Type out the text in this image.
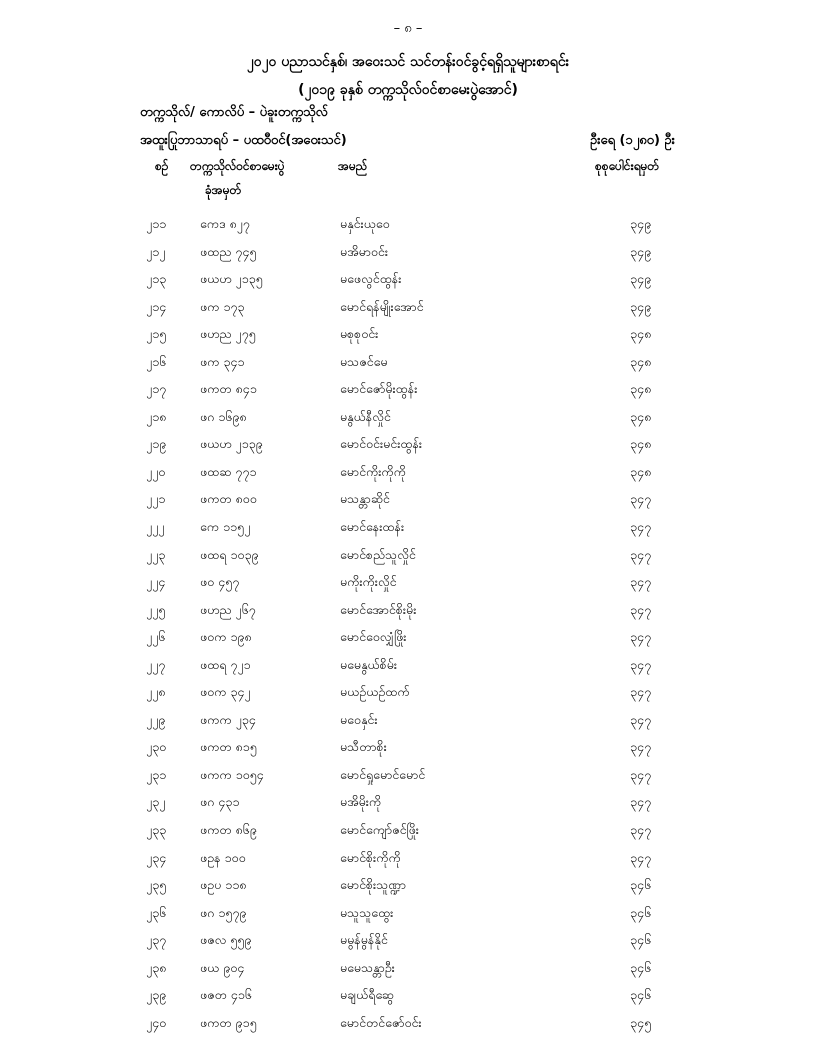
– ၈ –
၂၀၂၀ ပညာသင်နှစ်၊ အဝေးသင် သင်တန်းဝင်ခွင့်ရရှိသူများစာရင်း
(၂၀၁၉ ခုနှစ် တက္ကသိုလ်ဝင်စာမေးပွဲအောင်)
တက္ကသိုလ်/ ကောလိပ် – ပဲခူးတက္ကသိုလ်
အထူးပြုဘာသာရပ် – ပထဝီဝင်(အဝေးသင်)	ဦးရေ (၁၂၈၀) ဦး
စဉ် တက္ကသိုလ်ဝင်စာမေးပွဲ
ခုံအမှတ်
အမည်	စုစုပေါင်းရမှတ်
၂၁၁	ကေဒ ၈၂၇	မနှင်းယုဝေ	၃၄၉
၂၁၂	ဖထည ၇၄၅	မအိမာဝင်း	၃၄၉
၂၁၃	ဖယဟ ၂၁၃၅	မဖေလွင်ထွန်း	၃၄၉
၂၁၄	ဖက ၁၇၃	မောင်ရန်မျိုးအောင်	၃၄၉
၂၁၅	ဖဟည ၂၇၅	မစုစုဝင်း	၃၄၈
၂၁၆	ဖက ၃၄၁	မသဇင်မေ	၃၄၈
၂၁၇	ဖကတ ၈၄၁	မောင်ဇော်မိုးထွန်း	၃၄၈
၂၁၈	ဖဂ ၁၆၉၈	မနွယ်နီလှိုင်	၃၄၈
၂၁၉	ဖယဟ ၂၁၃၉	မောင်ဝင်းမင်းထွန်း	၃၄၈
၂၂၀	ဖထဆ ၇၇၁	မောင်ကိုးကိုကို	၃၄၈
၂၂၁	ဖကတ ၈၀၀	မသန္တာဆိုင်	၃၄၇
၂၂၂	ကေ ၁၁၅၂	မောင်နေးထန်း	၃၄၇
၂၂၃	ဖထရ ၁၀၃၉	မောင်စည်သူလှိုင်	၃၄၇
၂၂၄	ဖဝ ၄၅၇	မကိုးကိုးလှိုင်	၃၄၇
၂၂၅	ဖဟည ၂၆၇	မောင်အောင်စိုးမိုး	၃၄၇
၂၂၆	ဖဝက ၁၉၈	မောင်ဝေလျှံဖြိုး	၃၄၇
၂၂၇	ဖထရ ၇၂၁	မမေနွယ်စိမ်း	၃၄၇
၂၂၈	ဖဝက ၃၄၂	မယဥ်ယဥ်ထက်	၃၄၇
၂၂၉	ဖကက ၂၃၄	မဝေနှင်း	၃၄၇
၂၃၀	ဖကတ ၈၁၅	မသီတာစိုး	၃၄၇
၂၃၁	ဖကက ၁၀၅၄	မောင်ရှုမောင်မောင်	၃၄၇
၂၃၂	ဖဂ ၄၃၁	မအိမိုးကို	၃၄၇
၂၃၃	ဖကတ ၈၆၉	မောင်ကျော်ဇင်ဖြိုး	၃၄၇
၂၃၄	ဖဥန ၁၀၀	မောင်စိုးကိုကို	၃၄၇
၂၃၅	ဖဥပ ၁၁၈	မောင်စိုးသူဏ္ဍာ	၃၄၆
၂၃၆	ဖဂ ၁၅၇၉	မသူသူထွေး	၃၄၆
၂၃၇	ဖဇလ ၅၅၉	မမွန်မွန်နိုင်	၃၄၆
၂၃၈	ဖယ ၉၀၄	မမေသန္တာဦး	၃၄၆
၂၃၉	ဖဇတ ၄၁၆	မချယ်ရီဆွေ	၃၄၆
၂၄၀	ဖကတ ၉၁၅	မောင်တင်ဇော်ဝင်း	၃၄၅
